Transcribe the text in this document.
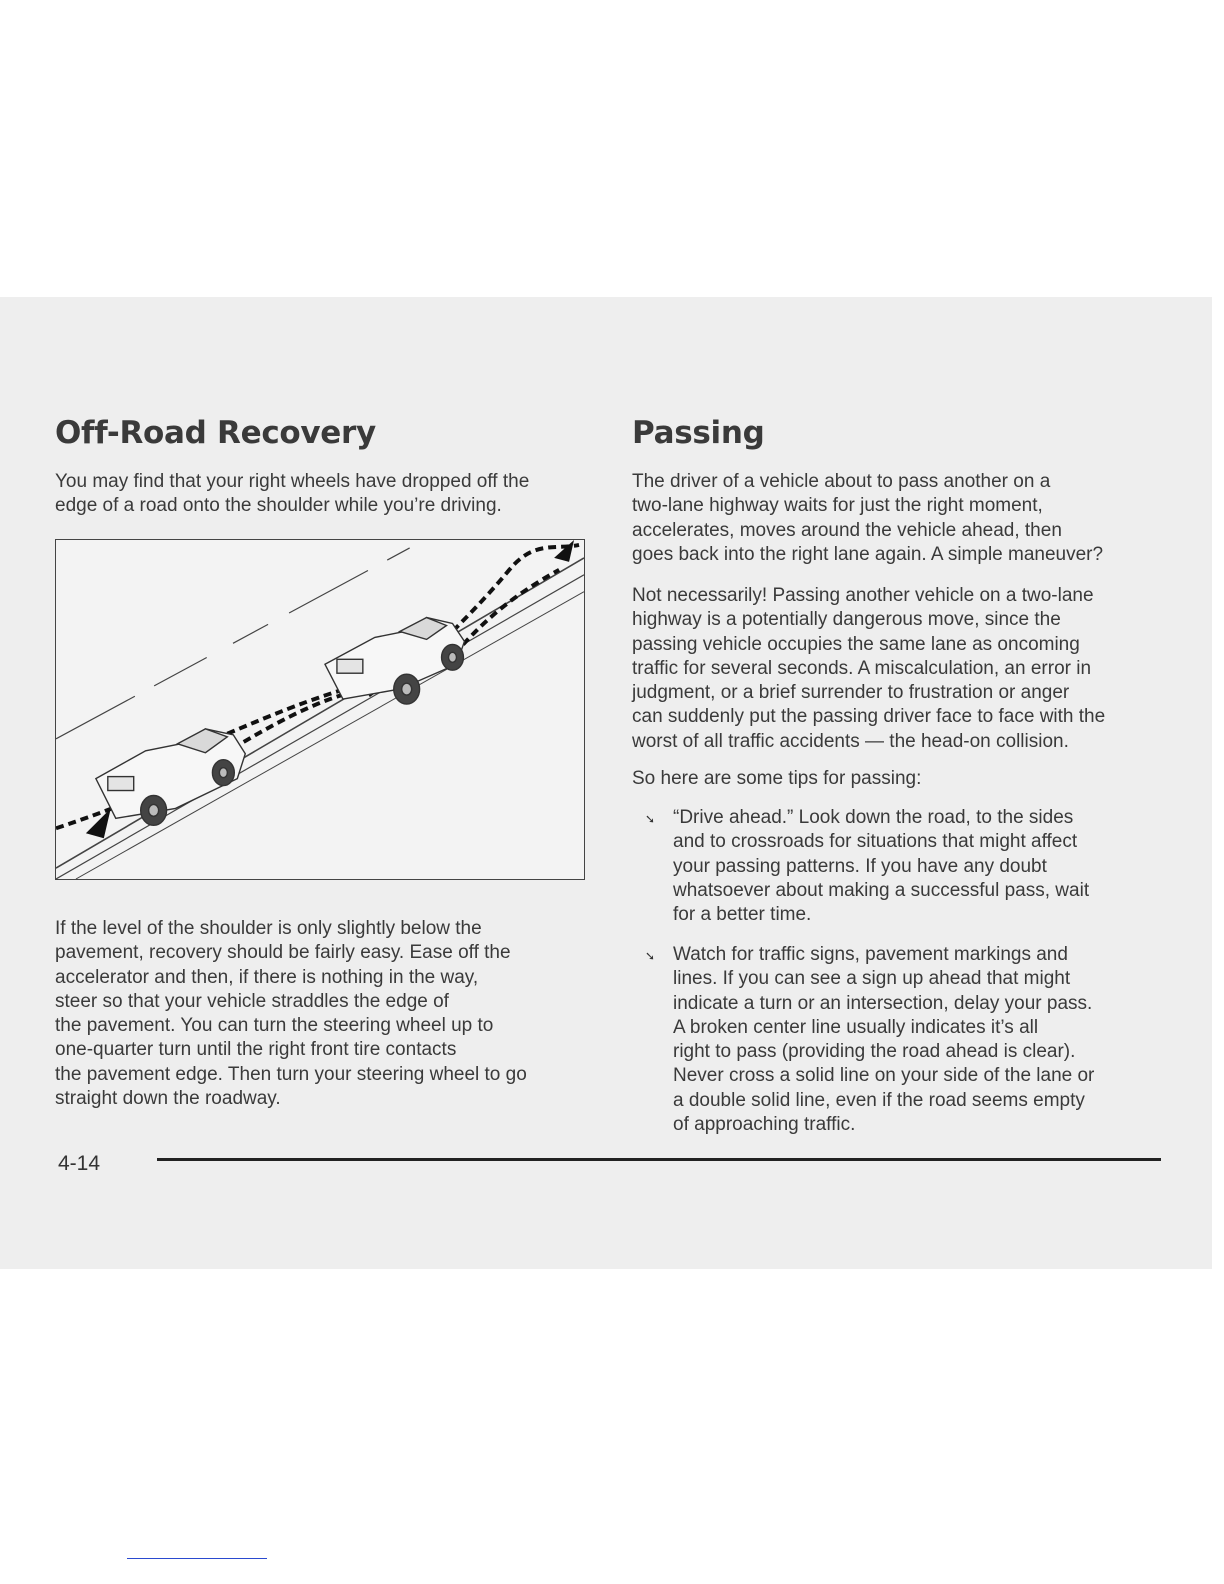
Off-Road Recovery

You may find that your right wheels have dropped off the
edge of a road onto the shoulder while you’re driving.

If the level of the shoulder is only slightly below the
pavement, recovery should be fairly easy. Ease off the
accelerator and then, if there is nothing in the way,
steer so that your vehicle straddles the edge of
the pavement. You can turn the steering wheel up to
one-quarter turn until the right front tire contacts
the pavement edge. Then turn your steering wheel to go
straight down the roadway.

Passing

The driver of a vehicle about to pass another on a
two-lane highway waits for just the right moment,
accelerates, moves around the vehicle ahead, then
goes back into the right lane again. A simple maneuver?

Not necessarily! Passing another vehicle on a two-lane
highway is a potentially dangerous move, since the
passing vehicle occupies the same lane as oncoming
traffic for several seconds. A miscalculation, an error in
judgment, or a brief surrender to frustration or anger
can suddenly put the passing driver face to face with the
worst of all traffic accidents — the head-on collision.

So here are some tips for passing:

➘ “Drive ahead.” Look down the road, to the sides
and to crossroads for situations that might affect
your passing patterns. If you have any doubt
whatsoever about making a successful pass, wait
for a better time.

➘ Watch for traffic signs, pavement markings and
lines. If you can see a sign up ahead that might
indicate a turn or an intersection, delay your pass.
A broken center line usually indicates it’s all
right to pass (providing the road ahead is clear).
Never cross a solid line on your side of the lane or
a double solid line, even if the road seems empty
of approaching traffic.

4-14
